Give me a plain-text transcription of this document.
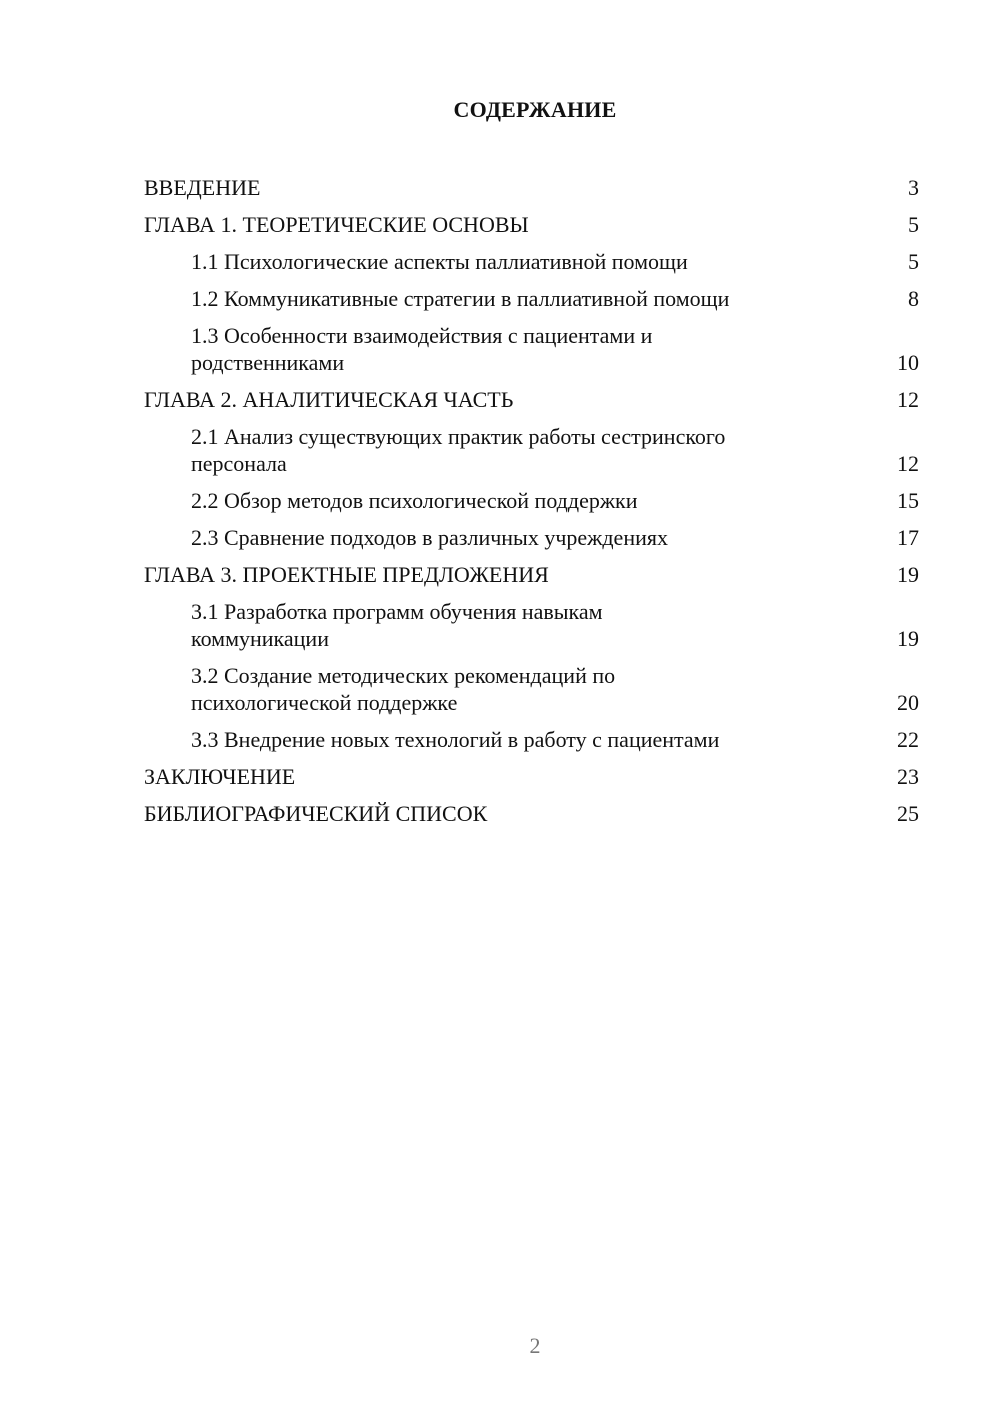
СОДЕРЖАНИЕ
ВВЕДЕНИЕ	3
ГЛАВА 1. ТЕОРЕТИЧЕСКИЕ ОСНОВЫ	5
1.1 Психологические аспекты паллиативной помощи	5
1.2 Коммуникативные стратегии в паллиативной помощи	8
1.3 Особенности взаимодействия с пациентами и
родственниками	10
ГЛАВА 2. АНАЛИТИЧЕСКАЯ ЧАСТЬ	12
2.1 Анализ существующих практик работы сестринского
персонала	12
2.2 Обзор методов психологической поддержки	15
2.3 Сравнение подходов в различных учреждениях	17
ГЛАВА 3. ПРОЕКТНЫЕ ПРЕДЛОЖЕНИЯ	19
3.1 Разработка программ обучения навыкам
коммуникации	19
3.2 Создание методических рекомендаций по
психологической поддержке	20
3.3 Внедрение новых технологий в работу с пациентами	22
ЗАКЛЮЧЕНИЕ	23
БИБЛИОГРАФИЧЕСКИЙ СПИСОК	25
2
